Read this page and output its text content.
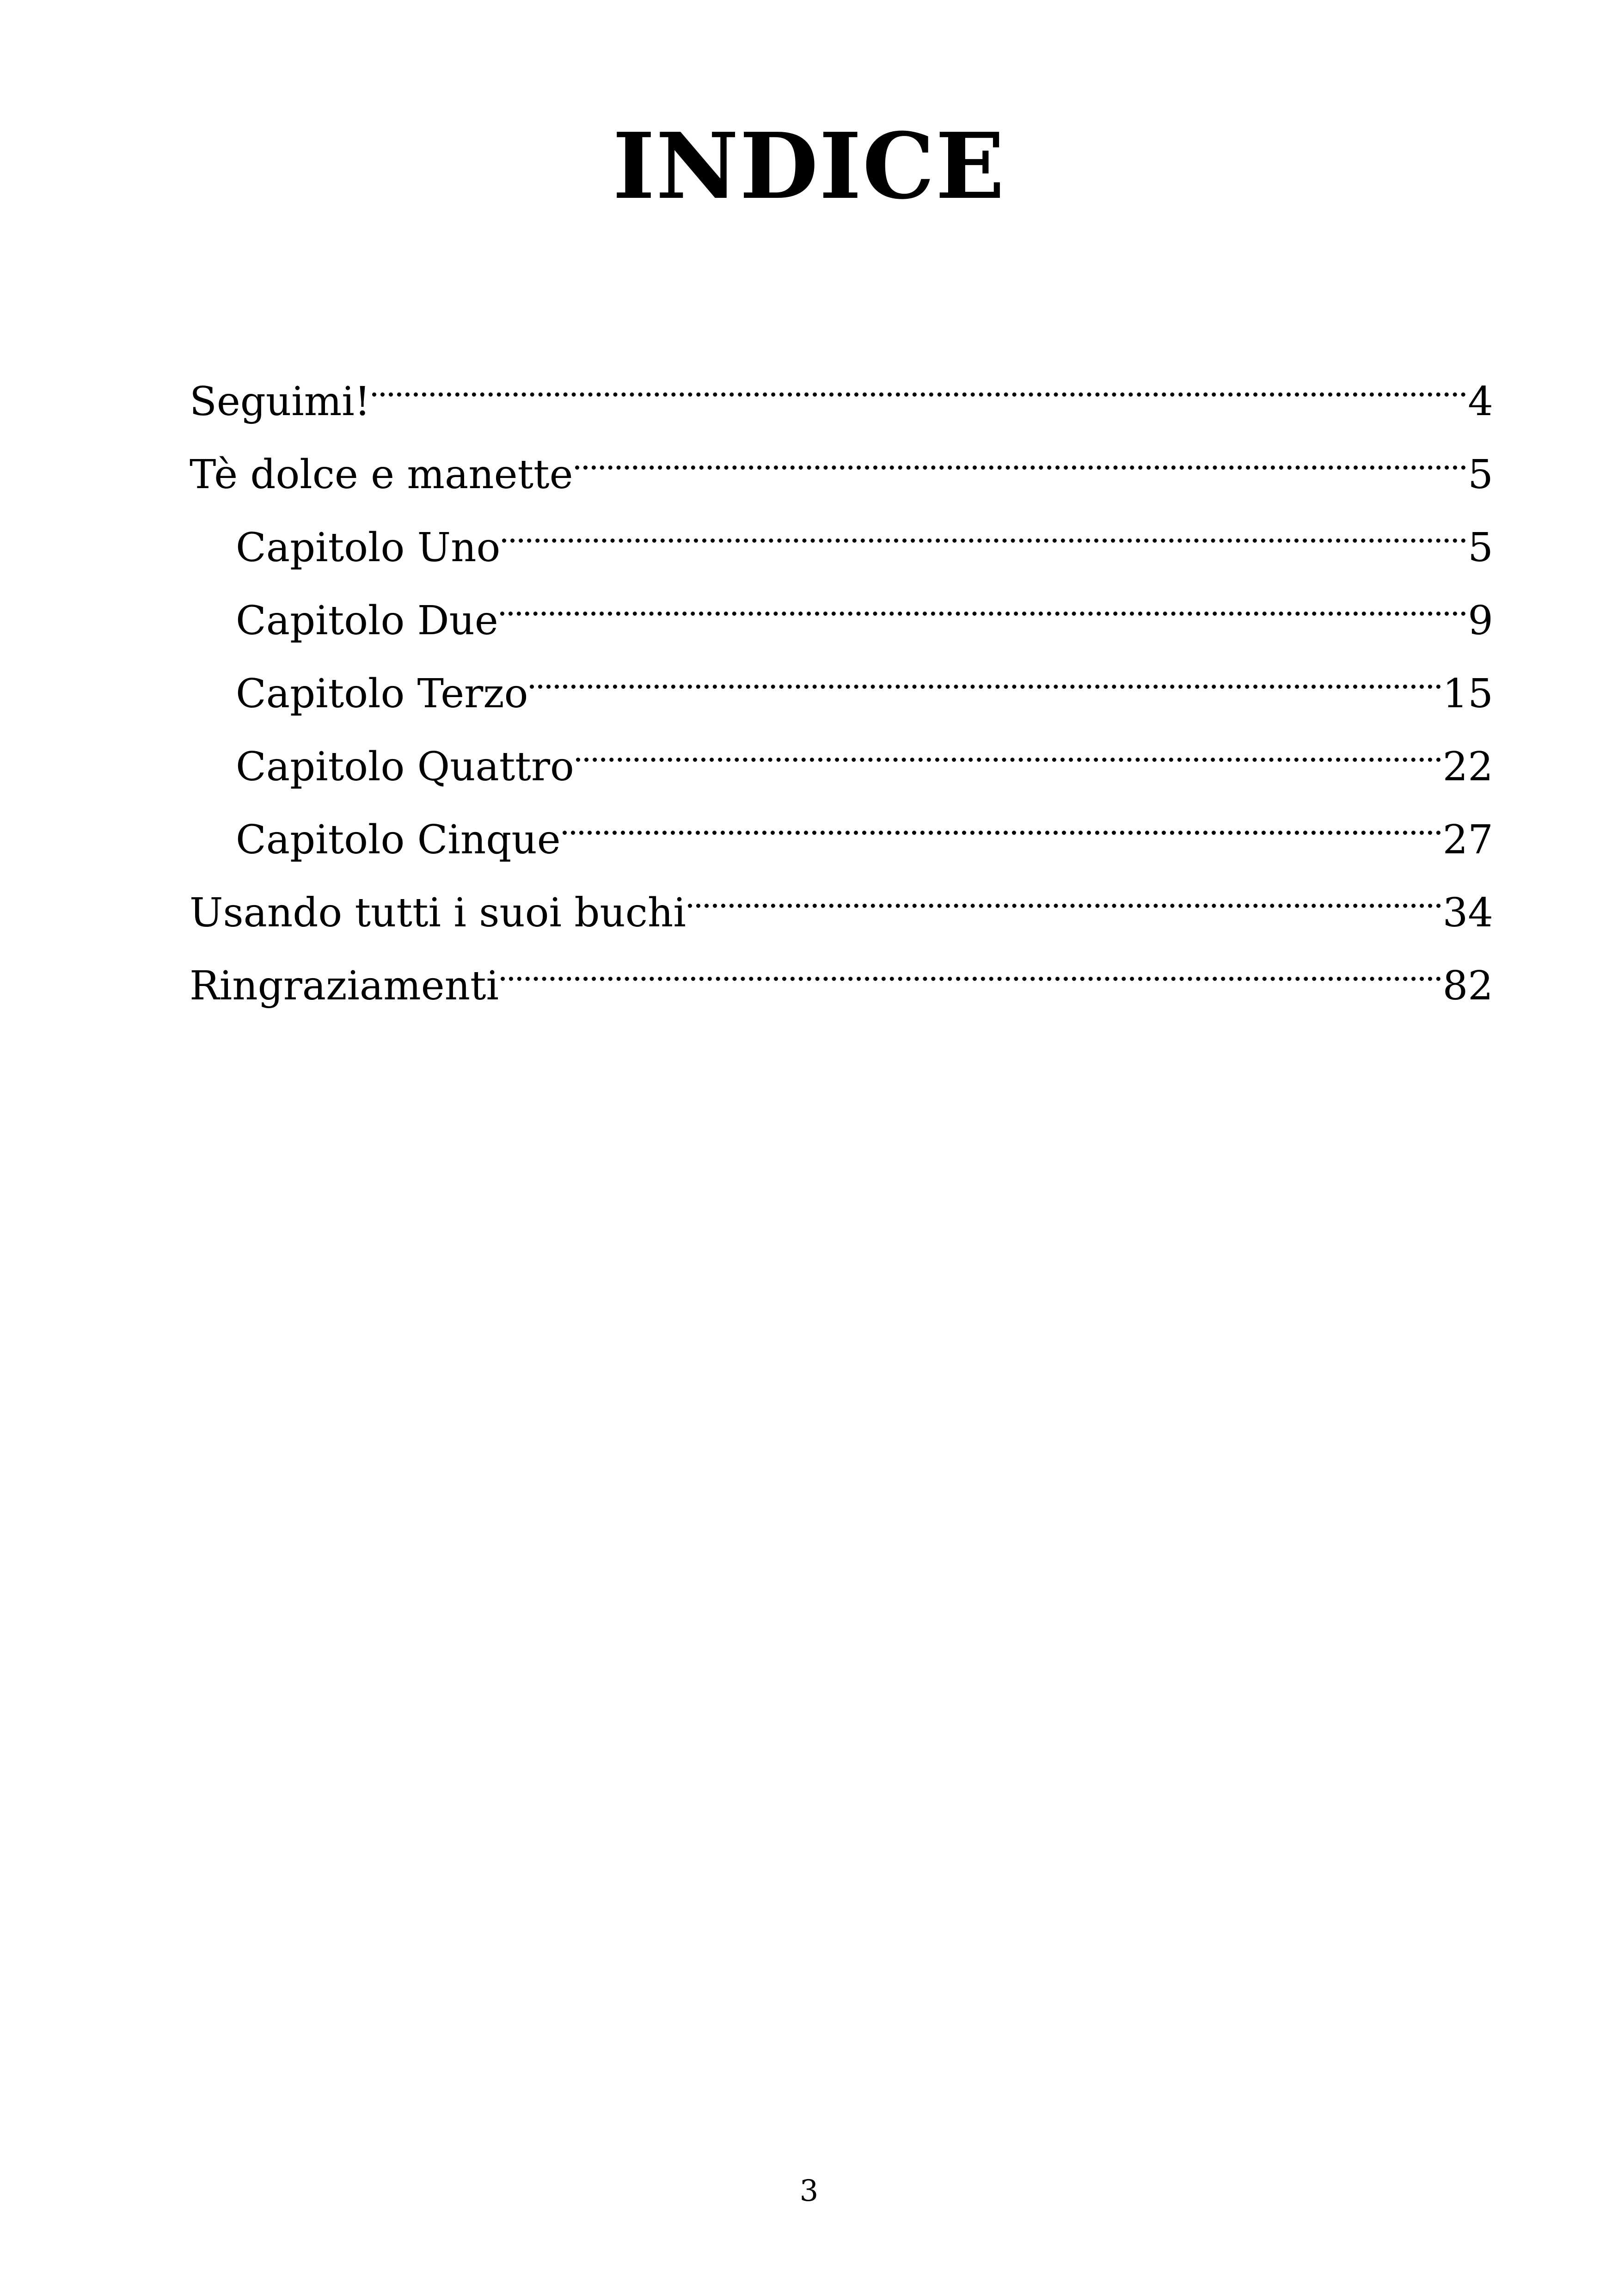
INDICE
Seguimi!	4
Tè dolce e manette	5
Capitolo Uno	5
Capitolo Due	9
Capitolo Terzo	15
Capitolo Quattro	22
Capitolo Cinque	27
Usando tutti i suoi buchi	34
Ringraziamenti	82
3
